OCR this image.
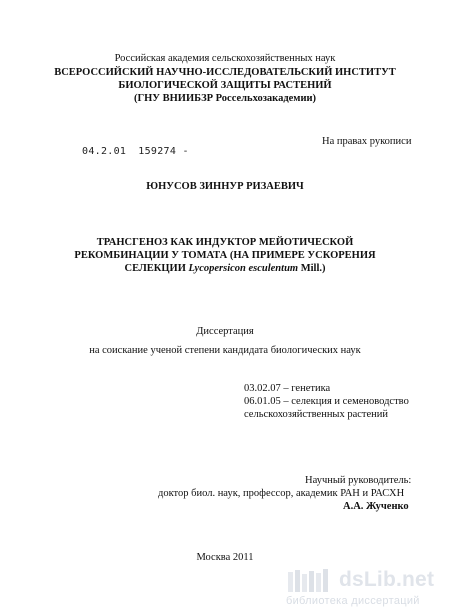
Российская академия сельскохозяйственных наук
ВСЕРОССИЙСКИЙ НАУЧНО-ИССЛЕДОВАТЕЛЬСКИЙ ИНСТИТУТ
БИОЛОГИЧЕСКОЙ ЗАЩИТЫ РАСТЕНИЙ
(ГНУ ВНИИБЗР Россельхозакадемии)
На правах рукописи
04.2.01 159274 -
ЮНУСОВ ЗИННУР РИЗАЕВИЧ
ТРАНСГЕНОЗ КАК ИНДУКТОР МЕЙОТИЧЕСКОЙ
РЕКОМБИНАЦИИ У ТОМАТА (НА ПРИМЕРЕ УСКОРЕНИЯ
СЕЛЕКЦИИ Lycopersicon esculentum Mill.)
Диссертация
на соискание ученой степени кандидата биологических наук
03.02.07 – генетика
06.01.05 – селекция и семеноводство
сельскохозяйственных растений
Научный руководитель:
доктор биол. наук, профессор, академик РАН и РАСХН
А.А. Жученко
Москва 2011
dsLib.net
библиотека диссертаций
